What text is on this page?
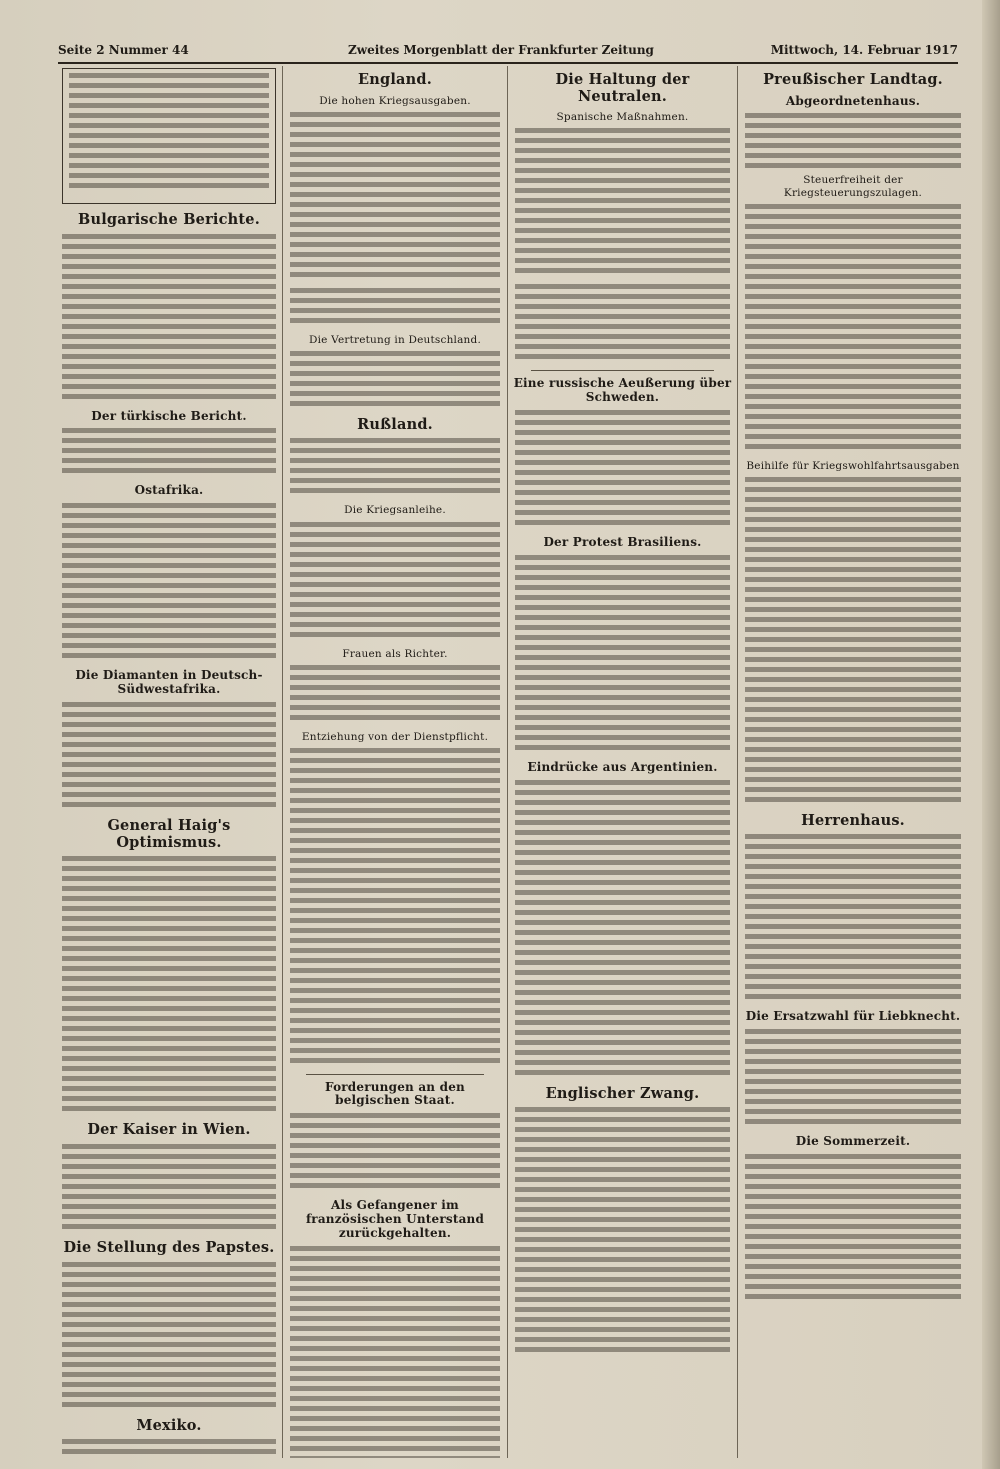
Seite 2 Nummer 44	Zweites Morgenblatt der Frankfurter Zeitung	Mittwoch, 14. Februar 1917
Bulgarische Berichte.
Der türkische Bericht.
Ostafrika.
Die Diamanten in Deutsch-Südwestafrika.
General Haig's Optimismus.
Der Kaiser in Wien.
Die Stellung des Papstes.
Mexiko.
England.
Die hohen Kriegsausgaben.
Die Vertretung in Deutschland.
Rußland.
Die Kriegsanleihe.
Frauen als Richter.
Entziehung von der Dienstpflicht.
Forderungen an den belgischen Staat.
Als Gefangener im französischen Unterstand zurückgehalten.
Die Haltung der Neutralen.
Spanische Maßnahmen.
Eine russische Aeußerung über Schweden.
Der Protest Brasiliens.
Eindrücke aus Argentinien.
Englischer Zwang.
Preußischer Landtag.
Abgeordnetenhaus.
Steuerfreiheit der Kriegsteuerungszulagen.
Beihilfe für Kriegswohlfahrtsausgaben
Herrenhaus.
Die Ersatzwahl für Liebknecht.
Die Sommerzeit.
